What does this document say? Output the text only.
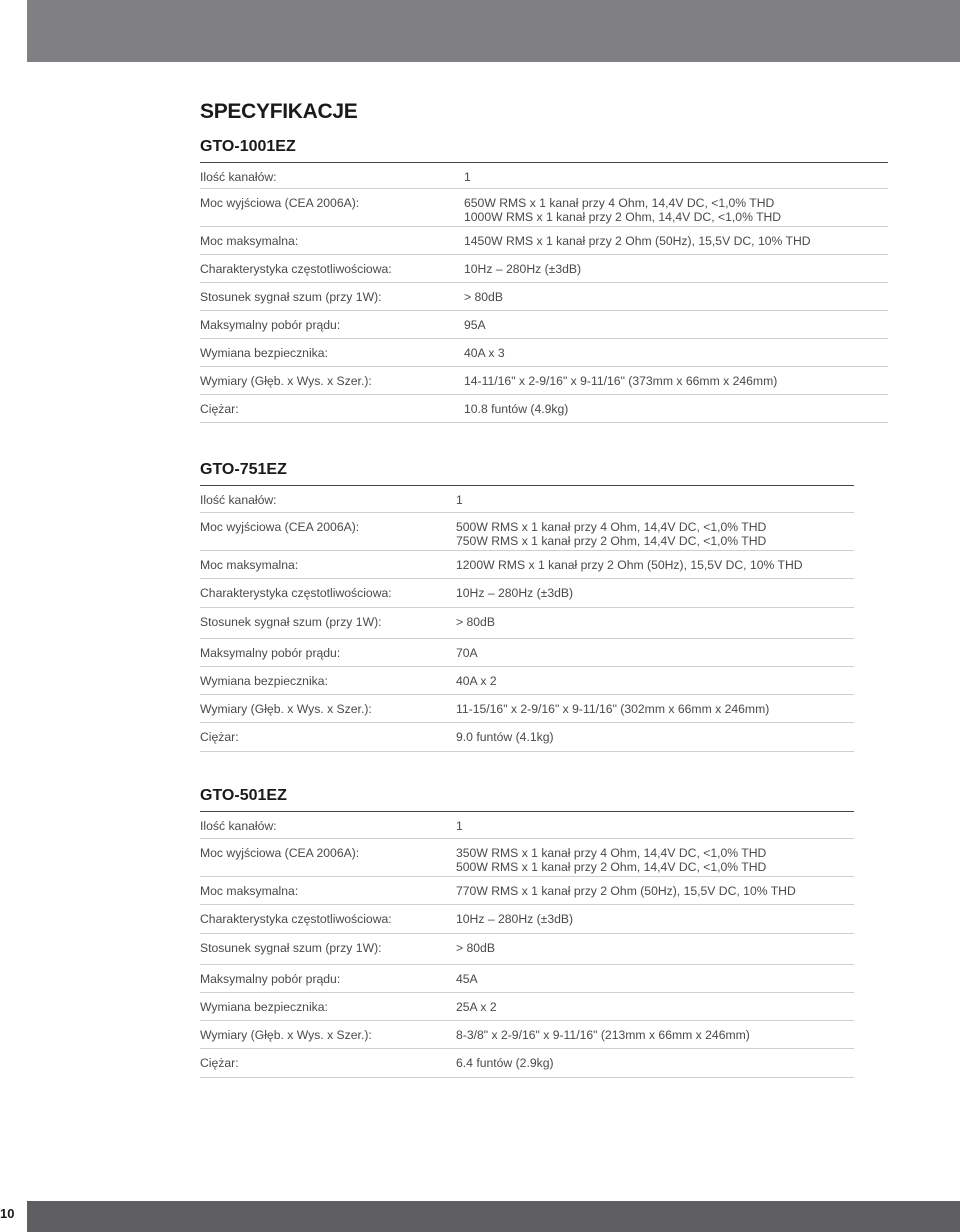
SPECYFIKACJE
GTO-1001EZ
Ilość kanałów:	1
Moc wyjściowa (CEA 2006A):	650W RMS x 1 kanał przy 4 Ohm, 14,4V DC, <1,0% THD
1000W RMS x 1 kanał przy 2 Ohm, 14,4V DC, <1,0% THD
Moc maksymalna:	1450W RMS x 1 kanał przy 2 Ohm (50Hz), 15,5V DC, 10% THD
Charakterystyka częstotliwościowa:	10Hz – 280Hz (±3dB)
Stosunek sygnał szum (przy 1W):	> 80dB
Maksymalny pobór prądu:	95A
Wymiana bezpiecznika:	40A x 3
Wymiary (Głęb. x Wys. x Szer.):	14-11/16" x 2-9/16" x 9-11/16" (373mm x 66mm x 246mm)
Ciężar:	10.8 funtów (4.9kg)
GTO-751EZ
Ilość kanałów:	1
Moc wyjściowa (CEA 2006A):	500W RMS x 1 kanał przy 4 Ohm, 14,4V DC, <1,0% THD
750W RMS x 1 kanał przy 2 Ohm, 14,4V DC, <1,0% THD
Moc maksymalna:	1200W RMS x 1 kanał przy 2 Ohm (50Hz), 15,5V DC, 10% THD
Charakterystyka częstotliwościowa:	10Hz – 280Hz (±3dB)
Stosunek sygnał szum (przy 1W):	> 80dB
Maksymalny pobór prądu:	70A
Wymiana bezpiecznika:	40A x 2
Wymiary (Głęb. x Wys. x Szer.):	11-15/16" x 2-9/16" x 9-11/16" (302mm x 66mm x 246mm)
Ciężar:	9.0 funtów (4.1kg)
GTO-501EZ
Ilość kanałów:	1
Moc wyjściowa (CEA 2006A):	350W RMS x 1 kanał przy 4 Ohm, 14,4V DC, <1,0% THD
500W RMS x 1 kanał przy 2 Ohm, 14,4V DC, <1,0% THD
Moc maksymalna:	770W RMS x 1 kanał przy 2 Ohm (50Hz), 15,5V DC, 10% THD
Charakterystyka częstotliwościowa:	10Hz – 280Hz (±3dB)
Stosunek sygnał szum (przy 1W):	> 80dB
Maksymalny pobór prądu:	45A
Wymiana bezpiecznika:	25A x 2
Wymiary (Głęb. x Wys. x Szer.):	8-3/8" x 2-9/16" x 9-11/16" (213mm x 66mm x 246mm)
Ciężar:	6.4 funtów (2.9kg)
10
